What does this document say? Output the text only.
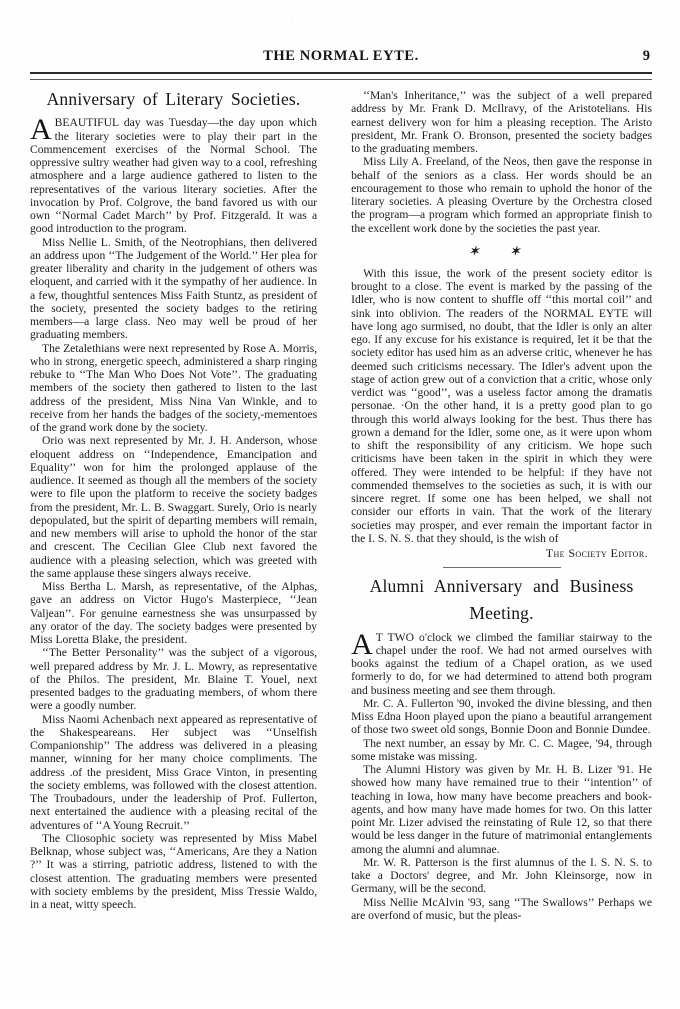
THE NORMAL EYTE.	9
Anniversary of Literary Societies.

ABEAUTIFUL day was Tuesday—the day upon which the literary societies were to play their part in the Commencement exercises of the Normal School. The oppressive sultry weather had given way to a cool, refreshing atmosphere and a large audience gathered to listen to the representatives of the various literary societies. After the invocation by Prof. Colgrove, the band favored us with our own ‘‘Normal Cadet March’’ by Prof. Fitzgerald. It was a good introduction to the program.

Miss Nellie L. Smith, of the Neotrophians, then delivered an address upon ‘‘The Judgement of the World.’’ Her plea for greater liberality and charity in the judgement of others was eloquent, and carried with it the sympathy of her audience. In a few, thoughtful sentences Miss Faith Stuntz, as president of the society, presented the society badges to the retiring members—a large class. Neo may well be proud of her graduating members.

The Zetalethians were next represented by Rose A. Morris, who in strong, energetic speech, administered a sharp ringing rebuke to ‘‘The Man Who Does Not Vote’’. The graduating members of the society then gathered to listen to the last address of the president, Miss Nina Van Winkle, and to receive from her hands the badges of the society,-mementoes of the grand work done by the society.

Orio was next represented by Mr. J. H. Anderson, whose eloquent address on ‘‘Independence, Emancipation and Equality’’ won for him the prolonged applause of the audience. It seemed as though all the members of the society were to file upon the platform to receive the society badges from the president, Mr. L. B. Swaggart. Surely, Orio is nearly depopulated, but the spirit of departing members will remain, and new members will arise to uphold the honor of the star and crescent. The Cecilian Glee Club next favored the audience with a pleasing selection, which was greeted with the same applause these singers always receive.

Miss Bertha L. Marsh, as representative, of the Alphas, gave an address on Victor Hugo's Masterpiece, ‘‘Jean Valjean’’. For genuine earnestness she was unsurpassed by any orator of the day. The society badges were presented by Miss Loretta Blake, the president.

‘‘The Better Personality’’ was the subject of a vigorous, well prepared address by Mr. J. L. Mowry, as representative of the Philos. The president, Mr. Blaine T. Youel, next presented badges to the graduating members, of whom there were a goodly number.

Miss Naomi Achenbach next appeared as representative of the Shakespeareans. Her subject was ‘‘Unselfish Companionship’’ The address was delivered in a pleasing manner, winning for her many choice compliments. The address .of the president, Miss Grace Vinton, in presenting the society emblems, was followed with the closest attention. The Troubadours, under the leadership of Prof. Fullerton, next entertained the audience with a pleasing recital of the adventures of ‘‘A Young Recruit.’’

The Cliosophic society was represented by Miss Mabel Belknap, whose subject was, ‘‘Americans, Are they a Nation ?’’ It was a stirring, patriotic address, listened to with the closest attention. The graduating members were presented with society emblems by the president, Miss Tressie Waldo, in a neat, witty speech.

‘‘Man's Inheritance,’’ was the subject of a well prepared address by Mr. Frank D. McIlravy, of the Aristotelians. His earnest delivery won for him a pleasing reception. The Aristo president, Mr. Frank O. Bronson, presented the society badges to the graduating members.

Miss Lily A. Freeland, of the Neos, then gave the response in behalf of the seniors as a class. Her words should be an encouragement to those who remain to uphold the honor of the literary societies. A pleasing Overture by the Orchestra closed the program—a program which formed an appropriate finish to the excellent work done by the societies the past year.

✶ ✶

With this issue, the work of the present society editor is brought to a close. The event is marked by the passing of the Idler, who is now content to shuffle off ‘‘this mortal coil’’ and sink into oblivion. The readers of the NORMAL EYTE will have long ago surmised, no doubt, that the Idler is only an alter ego. If any excuse for his existance is required, let it be that the society editor has used him as an adverse critic, whenever he has deemed such criticisms necessary. The Idler's advent upon the stage of action grew out of a conviction that a critic, whose only verdict was ‘‘good’’, was a useless factor among the dramatis personae. ·On the other hand, it is a pretty good plan to go through this world always looking for the best. Thus there has grown a demand for the Idler, some one, as it were upon whom to shift the responsibility of any criticism. We hope such criticisms have been taken in the spirit in which they were offered. They were intended to be helpful: if they have not commended themselves to the societies as such, it is with our sincere regret. If some one has been helped, we shall not consider our efforts in vain. That the work of the literary societies may prosper, and ever remain the important factor in the I. S. N. S. that they should, is the wish of

The Society Editor.

Alumni Anniversary and Business
Meeting.

AT TWO o'clock we climbed the familiar stairway to the chapel under the roof. We had not armed ourselves with books against the tedium of a Chapel oration, as we used formerly to do, for we had determined to attend both program and business meeting and see them through.

Mr. C. A. Fullerton '90, invoked the divine blessing, and then Miss Edna Hoon played upon the piano a beautiful arrangement of those two sweet old songs, Bonnie Doon and Bonnie Dundee.

The next number, an essay by Mr. C. C. Magee, '94, through some mistake was missing.

The Alumni History was given by Mr. H. B. Lizer '91. He showed how many have remained true to their ‘‘intention’’ of teaching in Iowa, how many have become preachers and book-agents, and how many have made homes for two. On this latter point Mr. Lizer advised the reinstating of Rule 12, so that there would be less danger in the future of matrimonial entanglements among the alumni and alumnae.

Mr. W. R. Patterson is the first alumnus of the I. S. N. S. to take a Doctors' degree, and Mr. John Kleinsorge, now in Germany, will be the second.

Miss Nellie McAlvin '93, sang ‘‘The Swallows’’ Perhaps we are overfond of music, but the pleas-
